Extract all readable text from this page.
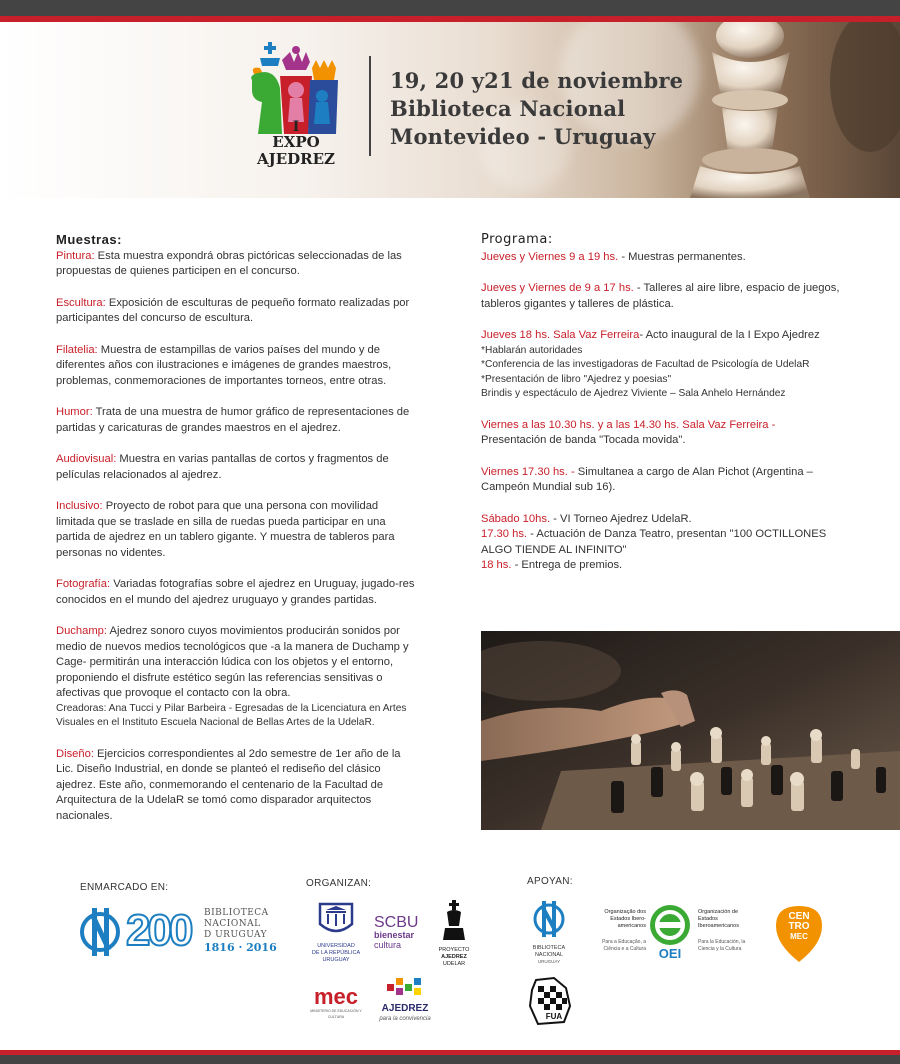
I
EXPO
AJEDREZ
19, 20 y21 de noviembre
Biblioteca Nacional
Montevideo - Uruguay
Muestras:
Pintura: Esta muestra expondrá obras pictóricas seleccionadas de las propuestas de quienes participen en el concurso.
Escultura: Exposición de esculturas de pequeño formato realizadas por participantes del concurso de escultura.
Filatelia: Muestra de estampillas de varios países del mundo y de diferentes años con ilustraciones e imágenes de grandes maestros, problemas, conmemoraciones de importantes torneos, entre otras.
Humor: Trata de una muestra de humor gráfico de representaciones de partidas y caricaturas de grandes maestros en el ajedrez.
Audiovisual: Muestra en varias pantallas de cortos y fragmentos de películas relacionados al ajedrez.
Inclusivo: Proyecto de robot para que una persona con movilidad limitada que se traslade en silla de ruedas pueda participar en una partida de ajedrez en un tablero gigante. Y muestra de tableros para personas no videntes.
Fotografía: Variadas fotografías sobre el ajedrez en Uruguay, jugado-res conocidos en el mundo del ajedrez uruguayo y grandes partidas.
Duchamp: Ajedrez sonoro cuyos movimientos producirán sonidos por medio de nuevos medios tecnológicos que -a la manera de Duchamp y Cage- permitirán una interacción lúdica con los objetos y el entorno, proponiendo el disfrute estético según las referencias sensitivas o afectivas que provoque el contacto con la obra.
Creadoras: Ana Tucci y Pilar Barbeira - Egresadas de la Licenciatura en Artes Visuales en el Instituto Escuela Nacional de Bellas Artes de la UdelaR.
Diseño: Ejercicios correspondientes al 2do semestre de 1er año de la Lic. Diseño Industrial, en donde se planteó el rediseño del clásico ajedrez. Este año, conmemorando el centenario de la Facultad de Arquitectura de la UdelaR se tomó como disparador arquitectos nacionales.
Programa:
Jueves y Viernes 9 a 19 hs. - Muestras permanentes.
Jueves y Viernes de 9 a 17 hs. - Talleres al aire libre, espacio de juegos, tableros gigantes y talleres de plástica.
Jueves 18 hs. Sala Vaz Ferreira- Acto inaugural de la I Expo Ajedrez
*Hablarán autoridades
*Conferencia de las investigadoras de Facultad de Psicología de UdelaR
*Presentación de libro "Ajedrez y poesias"
Brindis y espectáculo de Ajedrez Viviente – Sala Anhelo Hernández
Viernes a las 10.30 hs. y a las 14.30 hs. Sala Vaz Ferreira -
Presentación de banda "Tocada movida".
Viernes 17.30 hs. - Simultanea a cargo de Alan Pichot (Argentina – Campeón Mundial sub 16).
Sábado 10hs. - VI Torneo Ajedrez UdelaR.
17.30 hs. - Actuación de Danza Teatro, presentan "100 OCTILLONES ALGO TIENDE AL INFINITO"
18 hs. - Entrega de premios.
ENMARCADO EN:	ORGANIZAN:	APOYAN:
200 BIBLIOTECA
NACIONAL
D URUGUAY
1816 · 2016	UNIVERSIDAD
DE LA REPÚBLICA
URUGUAY
SCBU
bienestar
cultura	PROYECTO
AJEDREZ
UDELAR
mec
MINISTERIO DE EDUCACIÓN Y CULTURA
AJEDREZ
para la convivencia
BIBLIOTECA
NACIONAL
URUGUAY
Organização dos Estados Ibero-americanos
Para a Educação, a Ciência e a Cultura OEI
Organización de Estados Iberoamericanos
Para la Educación, la Ciencia y la Cultura
CEN
TRO
MEC
FUA
